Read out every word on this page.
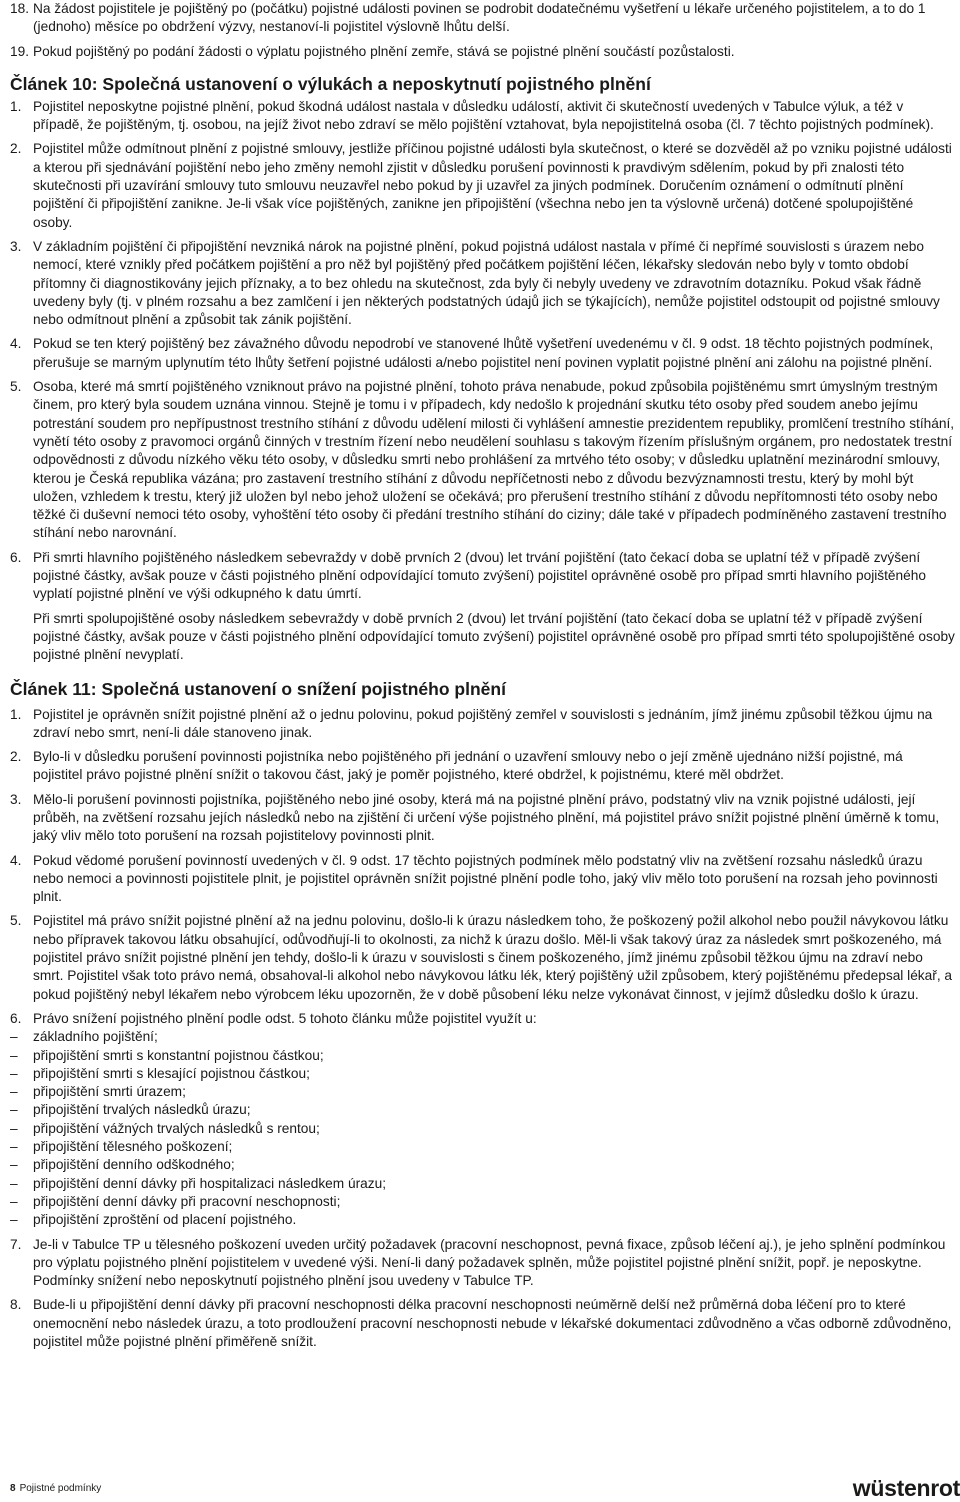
18. Na žádost pojistitele je pojištěný po (počátku) pojistné události povinen se podrobit dodatečnému vyšetření u lékaře určeného pojistitelem, a to do 1 (jednoho) měsíce po obdržení výzvy, nestanoví-li pojistitel výslovně lhůtu delší.

19. Pokud pojištěný po podání žádosti o výplatu pojistného plnění zemře, stává se pojistné plnění součástí pozůstalosti.

Článek 10: Společná ustanovení o výlukách a neposkytnutí pojistného plnění
1. Pojistitel neposkytne pojistné plnění, pokud škodná událost nastala v důsledku událostí, aktivit či skutečností uvedených v Tabulce výluk, a též v případě, že pojištěným, tj. osobou, na jejíž život nebo zdraví se mělo pojištění vztahovat, byla nepojistitelná osoba (čl. 7 těchto pojistných podmínek).

2. Pojistitel může odmítnout plnění z pojistné smlouvy, jestliže příčinou pojistné události byla skutečnost, o které se dozvěděl až po vzniku pojistné události a kterou při sjednávání pojištění nebo jeho změny nemohl zjistit v důsledku porušení povinnosti k pravdivým sdělením, pokud by při znalosti této skutečnosti při uzavírání smlouvy tuto smlouvu neuzavřel nebo pokud by ji uzavřel za jiných podmínek. Doručením oznámení o odmítnutí plnění pojištění či připojištění zanikne. Je-li však více pojištěných, zanikne jen připojištění (všechna nebo jen ta výslovně určená) dotčené spolupojištěné osoby.

3. V základním pojištění či připojištění nevzniká nárok na pojistné plnění, pokud pojistná událost nastala v přímé či nepřímé souvislosti s úrazem nebo nemocí, které vznikly před počátkem pojištění a pro něž byl pojištěný před počátkem pojištění léčen, lékařsky sledován nebo byly v tomto období přítomny či diagnostikovány jejich příznaky, a to bez ohledu na skutečnost, zda byly či nebyly uvedeny ve zdravotním dotazníku. Pokud však řádně uvedeny byly (tj. v plném rozsahu a bez zamlčení i jen některých podstatných údajů jich se týkajících), nemůže pojistitel odstoupit od pojistné smlouvy nebo odmítnout plnění a způsobit tak zánik pojištění.

4. Pokud se ten který pojištěný bez závažného důvodu nepodrobí ve stanovené lhůtě vyšetření uvedenému v čl. 9 odst. 18 těchto pojistných podmínek, přerušuje se marným uplynutím této lhůty šetření pojistné události a/nebo pojistitel není povinen vyplatit pojistné plnění ani zálohu na pojistné plnění.

5. Osoba, které má smrtí pojištěného vzniknout právo na pojistné plnění, tohoto práva nenabude, pokud způsobila pojištěnému smrt úmyslným trestným činem, pro který byla soudem uznána vinnou. Stejně je tomu i v případech, kdy nedošlo k projednání skutku této osoby před soudem anebo jejímu potrestání soudem pro nepřípustnost trestního stíhání z důvodu udělení milosti či vyhlášení amnestie prezidentem republiky, promlčení trestního stíhání, vynětí této osoby z pravomoci orgánů činných v trestním řízení nebo neudělení souhlasu s takovým řízením příslušným orgánem, pro nedostatek trestní odpovědnosti z důvodu nízkého věku této osoby, v důsledku smrti nebo prohlášení za mrtvého této osoby; v důsledku uplatnění mezinárodní smlouvy, kterou je Česká republika vázána; pro zastavení trestního stíhání z důvodu nepříčetnosti nebo z důvodu bezvýznamnosti trestu, který by mohl být uložen, vzhledem k trestu, který již uložen byl nebo jehož uložení se očekává; pro přerušení trestního stíhání z důvodu nepřítomnosti této osoby nebo těžké či duševní nemoci této osoby, vyhoštění této osoby či předání trestního stíhání do ciziny; dále také v případech podmíněného zastavení trestního stíhání nebo narovnání.

6. Při smrti hlavního pojištěného následkem sebevraždy v době prvních 2 (dvou) let trvání pojištění (tato čekací doba se uplatní též v případě zvýšení pojistné částky, avšak pouze v části pojistného plnění odpovídající tomuto zvýšení) pojistitel oprávněné osobě pro případ smrti hlavního pojištěného vyplatí pojistné plnění ve výši odkupného k datu úmrtí.

Při smrti spolupojištěné osoby následkem sebevraždy v době prvních 2 (dvou) let trvání pojištění (tato čekací doba se uplatní též v případě zvýšení pojistné částky, avšak pouze v části pojistného plnění odpovídající tomuto zvýšení) pojistitel oprávněné osobě pro případ smrti této spolupojištěné osoby pojistné plnění nevyplatí.

Článek 11: Společná ustanovení o snížení pojistného plnění
1. Pojistitel je oprávněn snížit pojistné plnění až o jednu polovinu, pokud pojištěný zemřel v souvislosti s jednáním, jímž jinému způsobil těžkou újmu na zdraví nebo smrt, není-li dále stanoveno jinak.

2. Bylo-li v důsledku porušení povinnosti pojistníka nebo pojištěného při jednání o uzavření smlouvy nebo o její změně ujednáno nižší pojistné, má pojistitel právo pojistné plnění snížit o takovou část, jaký je poměr pojistného, které obdržel, k pojistnému, které měl obdržet.

3. Mělo-li porušení povinnosti pojistníka, pojištěného nebo jiné osoby, která má na pojistné plnění právo, podstatný vliv na vznik pojistné události, její průběh, na zvětšení rozsahu jejích následků nebo na zjištění či určení výše pojistného plnění, má pojistitel právo snížit pojistné plnění úměrně k tomu, jaký vliv mělo toto porušení na rozsah pojistitelovy povinnosti plnit.

4. Pokud vědomé porušení povinností uvedených v čl. 9 odst. 17 těchto pojistných podmínek mělo podstatný vliv na zvětšení rozsahu následků úrazu nebo nemoci a povinnosti pojistitele plnit, je pojistitel oprávněn snížit pojistné plnění podle toho, jaký vliv mělo toto porušení na rozsah jeho povinnosti plnit.

5. Pojistitel má právo snížit pojistné plnění až na jednu polovinu, došlo-li k úrazu následkem toho, že poškozený požil alkohol nebo použil návykovou látku nebo přípravek takovou látku obsahující, odůvodňují-li to okolnosti, za nichž k úrazu došlo. Měl-li však takový úraz za následek smrt poškozeného, má pojistitel právo snížit pojistné plnění jen tehdy, došlo-li k úrazu v souvislosti s činem poškozeného, jímž jinému způsobil těžkou újmu na zdraví nebo smrt. Pojistitel však toto právo nemá, obsahoval-li alkohol nebo návykovou látku lék, který pojištěný užil způsobem, který pojištěnému předepsal lékař, a pokud pojištěný nebyl lékařem nebo výrobcem léku upozorněn, že v době působení léku nelze vykonávat činnost, v jejímž důsledku došlo k úrazu.

6. Právo snížení pojistného plnění podle odst. 5 tohoto článku může pojistitel využít u:

– základního pojištění;
– připojištění smrti s konstantní pojistnou částkou;
– připojištění smrti s klesající pojistnou částkou;
– připojištění smrti úrazem;
– připojištění trvalých následků úrazu;
– připojištění vážných trvalých následků s rentou;
– připojištění tělesného poškození;
– připojištění denního odškodného;
– připojištění denní dávky při hospitalizaci následkem úrazu;
– připojištění denní dávky při pracovní neschopnosti;
– připojištění zproštění od placení pojistného.
7. Je-li v Tabulce TP u tělesného poškození uveden určitý požadavek (pracovní neschopnost, pevná fixace, způsob léčení aj.), je jeho splnění podmínkou pro výplatu pojistného plnění pojistitelem v uvedené výši. Není-li daný požadavek splněn, může pojistitel pojistné plnění snížit, popř. je neposkytne. Podmínky snížení nebo neposkytnutí pojistného plnění jsou uvedeny v Tabulce TP.

8. Bude-li u připojištění denní dávky při pracovní neschopnosti délka pracovní neschopnosti neúměrně delší než průměrná doba léčení pro to které onemocnění nebo následek úrazu, a toto prodloužení pracovní neschopnosti nebude v lékařské dokumentaci zdůvodněno a včas odborně zdůvodněno, pojistitel může pojistné plnění přiměřeně snížit.

8 Pojistné podmínky	wüstenrot
